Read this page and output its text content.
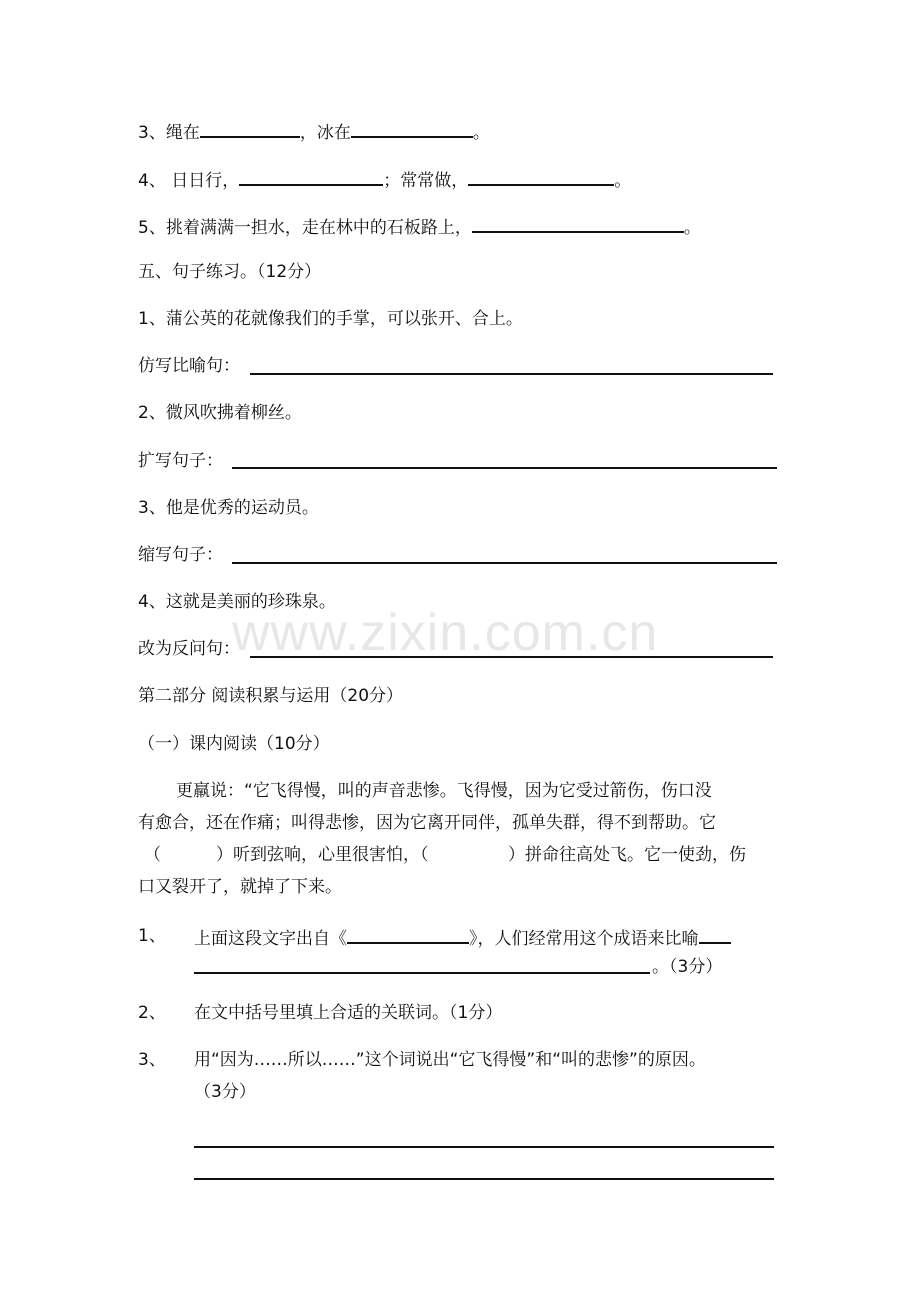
www.zixin.com.cn
3、绳在	，冰在	。
4、 日日行，	；常常做，	。
5、挑着满满一担水，走在林中的石板路上，	。
五、句子练习。（12分）
1、蒲公英的花就像我们的手掌，可以张开、合上。
仿写比喻句：
2、微风吹拂着柳丝。
扩写句子：
3、他是优秀的运动员。
缩写句子：
4、这就是美丽的珍珠泉。
改为反问句：
第二部分 阅读积累与运用（20分）
（一）课内阅读（10分）
更羸说：“它飞得慢，叫的声音悲惨。飞得慢，因为它受过箭伤，伤口没
有愈合，还在作痛；叫得悲惨，因为它离开同伴，孤单失群，得不到帮助。它
（	）听到弦响，心里很害怕，（	）拼命往高处飞。它一使劲，伤
口又裂开了，就掉了下来。
1、 上面这段文字出自《	》，人们经常用这个成语来比喻
。（3分）
2、 在文中括号里填上合适的关联词。（1分）
3、 用“因为……所以……”这个词说出“它飞得慢”和“叫的悲惨”的原因。
（3分）
